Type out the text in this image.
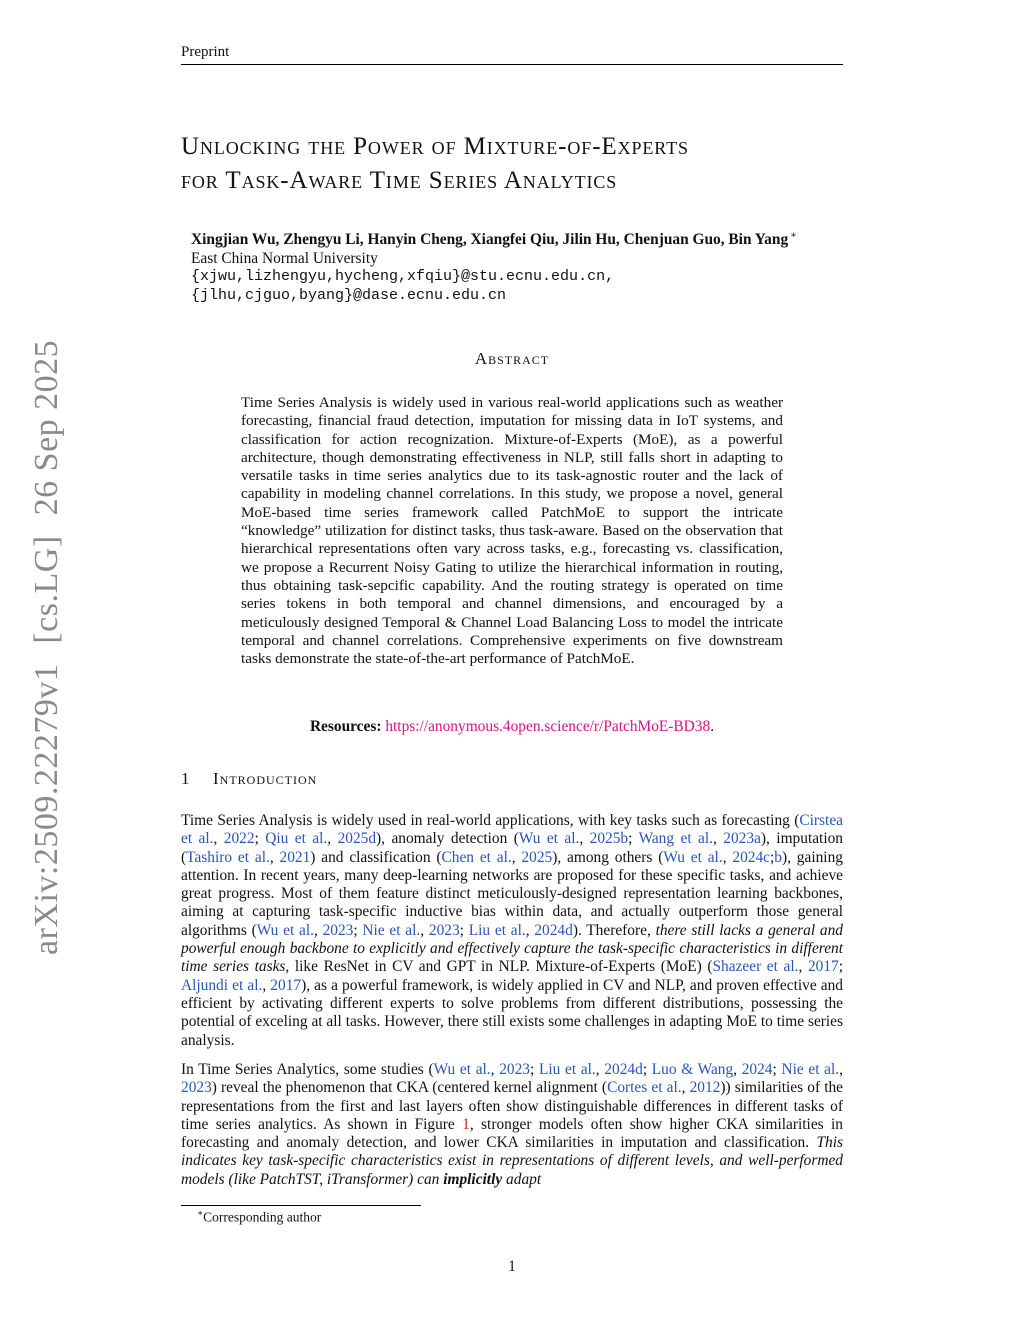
Preprint
arXiv:2509.22279v1[cs.LG]26 Sep 2025
Unlocking the Power of Mixture-of-Experts
for Task-Aware Time Series Analytics
Xingjian Wu, Zhengyu Li, Hanyin Cheng, Xiangfei Qiu, Jilin Hu, Chenjuan Guo, Bin Yang ∗
East China Normal University
{xjwu,lizhengyu,hycheng,xfqiu}@stu.ecnu.edu.cn,
{jlhu,cjguo,byang}@dase.ecnu.edu.cn
Abstract
Time Series Analysis is widely used in various real-world applications such as weather forecasting, financial fraud detection, imputation for missing data in IoT systems, and classification for action recognization. Mixture-of-Experts (MoE), as a powerful architecture, though demonstrating effectiveness in NLP, still falls short in adapting to versatile tasks in time series analytics due to its task-agnostic router and the lack of capability in modeling channel correlations. In this study, we propose a novel, general MoE-based time series framework called PatchMoE to support the intricate “knowledge” utilization for distinct tasks, thus task-aware. Based on the observation that hierarchical representations often vary across tasks, e.g., forecasting vs. classification, we propose a Recurrent Noisy Gating to utilize the hierarchical information in routing, thus obtaining task-sepcific capability. And the routing strategy is operated on time series tokens in both temporal and channel dimensions, and encouraged by a meticulously designed Temporal & Channel Load Balancing Loss to model the intricate temporal and channel correlations. Comprehensive experiments on five downstream tasks demonstrate the state-of-the-art performance of PatchMoE.
Resources: https://anonymous.4open.science/r/PatchMoE-BD38.
1 Introduction
Time Series Analysis is widely used in real-world applications, with key tasks such as forecasting (Cirstea et al., 2022; Qiu et al., 2025d), anomaly detection (Wu et al., 2025b; Wang et al., 2023a), imputation (Tashiro et al., 2021) and classification (Chen et al., 2025), among others (Wu et al., 2024c;b), gaining attention. In recent years, many deep-learning networks are proposed for these specific tasks, and achieve great progress. Most of them feature distinct meticulously-designed representation learning backbones, aiming at capturing task-specific inductive bias within data, and actually outperform those general algorithms (Wu et al., 2023; Nie et al., 2023; Liu et al., 2024d). Therefore, there still lacks a general and powerful enough backbone to explicitly and effectively capture the task-specific characteristics in different time series tasks, like ResNet in CV and GPT in NLP. Mixture-of-Experts (MoE) (Shazeer et al., 2017; Aljundi et al., 2017), as a powerful framework, is widely applied in CV and NLP, and proven effective and efficient by activating different experts to solve problems from different distributions, possessing the potential of exceling at all tasks. However, there still exists some challenges in adapting MoE to time series analysis.
In Time Series Analytics, some studies (Wu et al., 2023; Liu et al., 2024d; Luo & Wang, 2024; Nie et al., 2023) reveal the phenomenon that CKA (centered kernel alignment (Cortes et al., 2012)) similarities of the representations from the first and last layers often show distinguishable differences in different tasks of time series analytics. As shown in Figure 1, stronger models often show higher CKA similarities in forecasting and anomaly detection, and lower CKA similarities in imputation and classification. This indicates key task-specific characteristics exist in representations of different levels, and well-performed models (like PatchTST, iTransformer) can implicitly adapt
∗Corresponding author
1
